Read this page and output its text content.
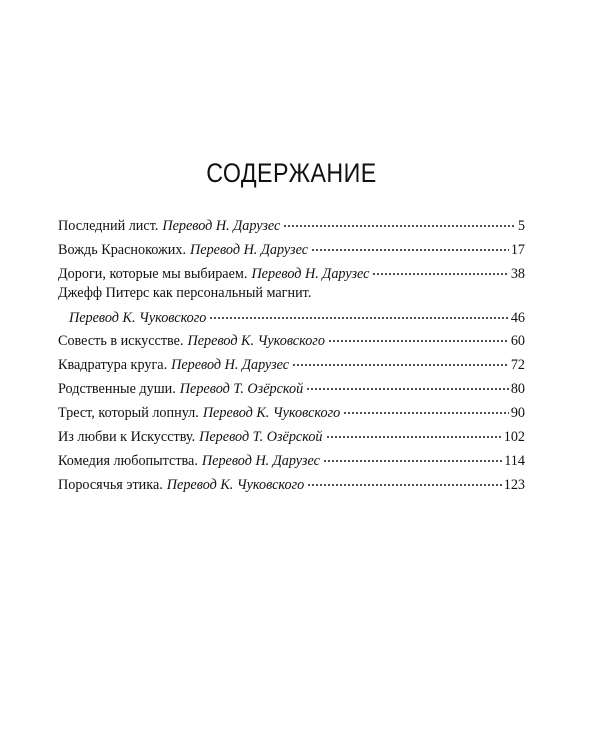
СОДЕРЖАНИЕ
Последний лист. Перевод Н. Дарузес	5
Вождь Краснокожих. Перевод Н. Дарузес	17
Дороги, которые мы выбираем. Перевод Н. Дарузес	38
Джефф Питерс как персональный магнит.
Перевод К. Чуковского	46
Совесть в искусстве. Перевод К. Чуковского	60
Квадратура круга. Перевод Н. Дарузес	72
Родственные души. Перевод Т. Озёрской	80
Трест, который лопнул. Перевод К. Чуковского	90
Из любви к Искусству. Перевод Т. Озёрской	102
Комедия любопытства. Перевод Н. Дарузес	114
Поросячья этика. Перевод К. Чуковского	123
